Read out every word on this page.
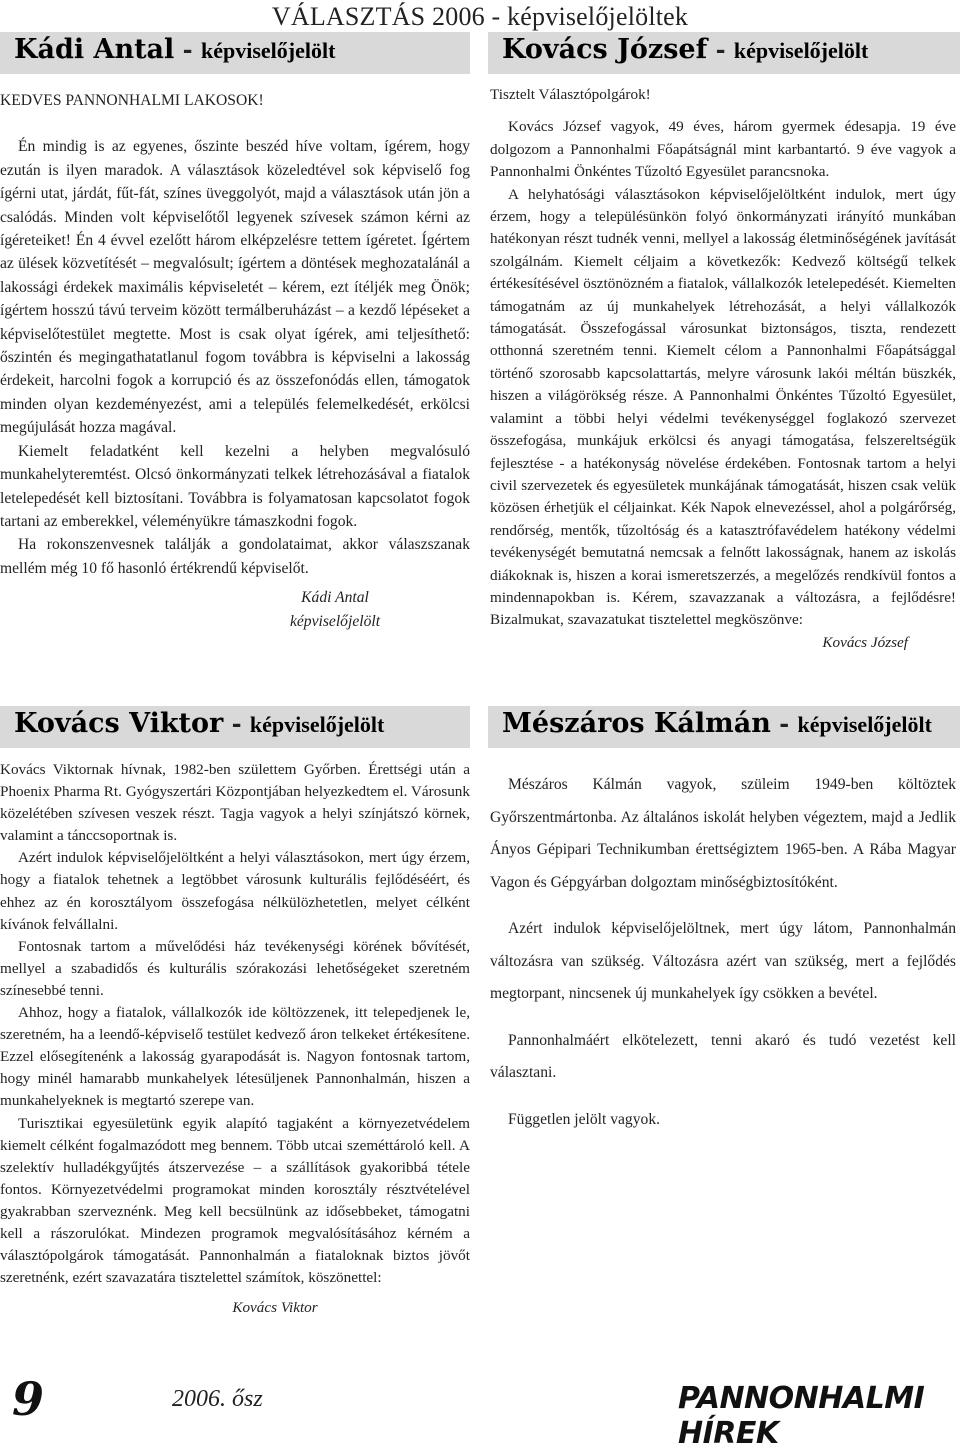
VÁLASZTÁS 2006 - képviselőjelöltek
Kádi Antal - képviselőjelölt

KEDVES PANNONHALMI LAKOSOK!

Én mindig is az egyenes, őszinte beszéd híve voltam, ígérem, hogy ezután is ilyen maradok. A választások közeledtével sok képviselő fog ígérni utat, járdát, fűt-fát, színes üveggolyót, majd a választások után jön a csalódás. Minden volt képviselőtől legyenek szívesek számon kérni az ígéreteiket! Én 4 évvel ezelőtt három elképzelésre tettem ígéretet. Ígértem az ülések közvetítését – megvalósult; ígértem a döntések meghozatalánál a lakossági érdekek maximális képviseletét – kérem, ezt ítéljék meg Önök; ígértem hosszú távú terveim között termálberuházást – a kezdő lépéseket a képviselőtestület megtette. Most is csak olyat ígérek, ami teljesíthető: őszintén és megingathatatlanul fogom továbbra is képviselni a lakosság érdekeit, harcolni fogok a korrupció és az összefonódás ellen, támogatok minden olyan kezdeményezést, ami a település felemelkedését, erkölcsi megújulását hozza magával.

Kiemelt feladatként kell kezelni a helyben megvalósuló munkahelyteremtést. Olcsó önkormányzati telkek létrehozásával a fiatalok letelepedését kell biztosítani. Továbbra is folyamatosan kapcsolatot fogok tartani az emberekkel, véleményükre támaszkodni fogok.

Ha rokonszenvesnek találják a gondolataimat, akkor válaszszanak mellém még 10 fő hasonló értékrendű képviselőt.

Kádi Antal
képviselőjelölt
Kovács Viktor - képviselőjelölt

Kovács Viktornak hívnak, 1982-ben születtem Győrben. Érettségi után a Phoenix Pharma Rt. Gyógyszertári Központjában helyezkedtem el. Városunk közelétében szívesen veszek részt. Tagja vagyok a helyi színjátszó körnek, valamint a tánccsoportnak is.

Azért indulok képviselőjelöltként a helyi választásokon, mert úgy érzem, hogy a fiatalok tehetnek a legtöbbet városunk kulturális fejlődéséért, és ehhez az én korosztályom összefogása nélkülözhetetlen, melyet célként kívánok felvállalni.

Fontosnak tartom a művelődési ház tevékenységi körének bővítését, mellyel a szabadidős és kulturális szórakozási lehetőségeket szeretném színesebbé tenni.

Ahhoz, hogy a fiatalok, vállalkozók ide költözzenek, itt telepedjenek le, szeretném, ha a leendő-képviselő testület kedvező áron telkeket értékesítene. Ezzel elősegítenénk a lakosság gyarapodását is. Nagyon fontosnak tartom, hogy minél hamarabb munkahelyek létesüljenek Pannonhalmán, hiszen a munkahelyeknek is megtartó szerepe van.

Turisztikai egyesületünk egyik alapító tagjaként a környezetvédelem kiemelt célként fogalmazódott meg bennem. Több utcai szeméttároló kell. A szelektív hulladékgyűjtés átszervezése – a szállítások gyakoribbá tétele fontos. Környezetvédelmi programokat minden korosztály résztvételével gyakrabban szerveznénk. Meg kell becsülnünk az idősebbeket, támogatni kell a rászorulókat. Mindezen programok megvalósításához kérném a választópolgárok támogatását. Pannonhalmán a fiataloknak biztos jövőt szeretnénk, ezért szavazatára tisztelettel számítok, köszönettel:

Kovács Viktor
Kovács József - képviselőjelölt

Tisztelt Választópolgárok!

Kovács József vagyok, 49 éves, három gyermek édesapja. 19 éve dolgozom a Pannonhalmi Főapátságnál mint karbantartó. 9 éve vagyok a Pannonhalmi Önkéntes Tűzoltó Egyesület parancsnoka.

A helyhatósági választásokon képviselőjelöltként indulok, mert úgy érzem, hogy a településünkön folyó önkormányzati irányító munkában hatékonyan részt tudnék venni, mellyel a lakosság életminőségének javítását szolgálnám. Kiemelt céljaim a következők: Kedvező költségű telkek értékesítésével ösztönözném a fiatalok, vállalkozók letelepedését. Kiemelten támogatnám az új munkahelyek létrehozását, a helyi vállalkozók támogatását. Összefogással városunkat biztonságos, tiszta, rendezett otthonná szeretném tenni. Kiemelt célom a Pannonhalmi Főapátsággal történő szorosabb kapcsolattartás, melyre városunk lakói méltán büszkék, hiszen a világörökség része. A Pannonhalmi Önkéntes Tűzoltó Egyesület, valamint a többi helyi védelmi tevékenységgel foglakozó szervezet összefogása, munkájuk erkölcsi és anyagi támogatása, felszereltségük fejlesztése - a hatékonyság növelése érdekében. Fontosnak tartom a helyi civil szervezetek és egyesületek munkájának támogatását, hiszen csak velük közösen érhetjük el céljainkat. Kék Napok elnevezéssel, ahol a polgárőrség, rendőrség, mentők, tűzoltóság és a katasztrófavédelem hatékony védelmi tevékenységét bemutatná nemcsak a felnőtt lakosságnak, hanem az iskolás diákoknak is, hiszen a korai ismeretszerzés, a megelőzés rendkívül fontos a mindennapokban is. Kérem, szavazzanak a változásra, a fejlődésre! Bizalmukat, szavazatukat tisztelettel megköszönve:

Kovács József
Mészáros Kálmán - képviselőjelölt

Mészáros Kálmán vagyok, szüleim 1949-ben költöztek Győrszentmártonba. Az általános iskolát helyben végeztem, majd a Jedlik Ányos Gépipari Technikumban érettségiztem 1965-ben. A Rába Magyar Vagon és Gépgyárban dolgoztam minőségbiztosítóként.

Azért indulok képviselőjelöltnek, mert úgy látom, Pannonhalmán változásra van szükség. Változásra azért van szükség, mert a fejlődés megtorpant, nincsenek új munkahelyek így csökken a bevétel.

Pannonhalmáért elkötelezett, tenni akaró és tudó vezetést kell választani.

Független jelölt vagyok.

9	2006. ősz	PANNONHALMI HÍREK
